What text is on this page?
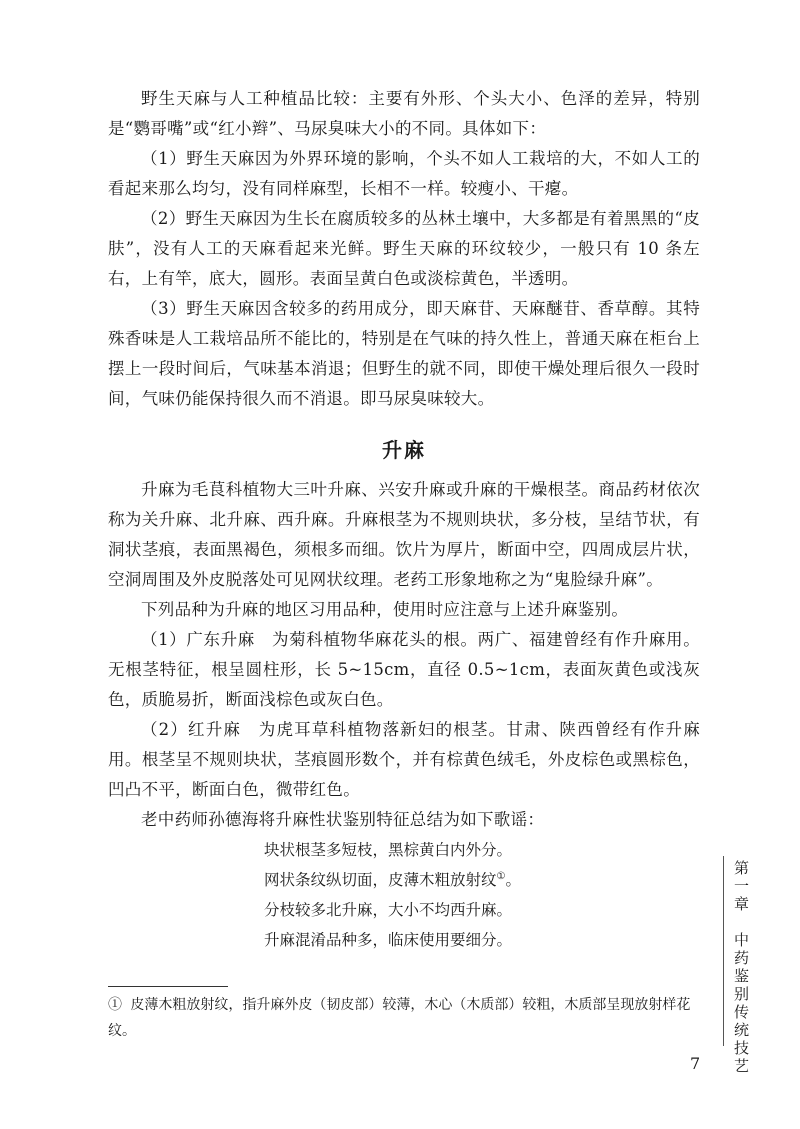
野生天麻与人工种植品比较：主要有外形、个头大小、色泽的差异，特别是“鹦哥嘴”或“红小辫”、马尿臭味大小的不同。具体如下：

（1）野生天麻因为外界环境的影响，个头不如人工栽培的大，不如人工的看起来那么均匀，没有同样麻型，长相不一样。较瘦小、干瘪。

（2）野生天麻因为生长在腐质较多的丛林土壤中，大多都是有着黑黑的“皮肤”，没有人工的天麻看起来光鲜。野生天麻的环纹较少，一般只有 10 条左右，上有竿，底大，圆形。表面呈黄白色或淡棕黄色，半透明。

（3）野生天麻因含较多的药用成分，即天麻苷、天麻醚苷、香草醇。其特殊香味是人工栽培品所不能比的，特别是在气味的持久性上，普通天麻在柜台上摆上一段时间后，气味基本消退；但野生的就不同，即使干燥处理后很久一段时间，气味仍能保持很久而不消退。即马尿臭味较大。

升麻

升麻为毛茛科植物大三叶升麻、兴安升麻或升麻的干燥根茎。商品药材依次称为关升麻、北升麻、西升麻。升麻根茎为不规则块状，多分枝，呈结节状，有洞状茎痕，表面黑褐色，须根多而细。饮片为厚片，断面中空，四周成层片状，空洞周围及外皮脱落处可见网状纹理。老药工形象地称之为“鬼脸绿升麻”。

下列品种为升麻的地区习用品种，使用时应注意与上述升麻鉴别。

（1）广东升麻　为菊科植物华麻花头的根。两广、福建曾经有作升麻用。无根茎特征，根呈圆柱形，长 5~15cm，直径 0.5~1cm，表面灰黄色或浅灰色，质脆易折，断面浅棕色或灰白色。

（2）红升麻　为虎耳草科植物落新妇的根茎。甘肃、陕西曾经有作升麻用。根茎呈不规则块状，茎痕圆形数个，并有棕黄色绒毛，外皮棕色或黑棕色，凹凸不平，断面白色，微带红色。

老中药师孙德海将升麻性状鉴别特征总结为如下歌谣：

块状根茎多短枝，黑棕黄白内外分。

网状条纹纵切面，皮薄木粗放射纹①。

分枝较多北升麻，大小不均西升麻。

升麻混淆品种多，临床使用要细分。

① 皮薄木粗放射纹，指升麻外皮（韧皮部）较薄，木心（木质部）较粗，木质部呈现放射样花纹。	第一章　中药鉴别传统技艺
7
